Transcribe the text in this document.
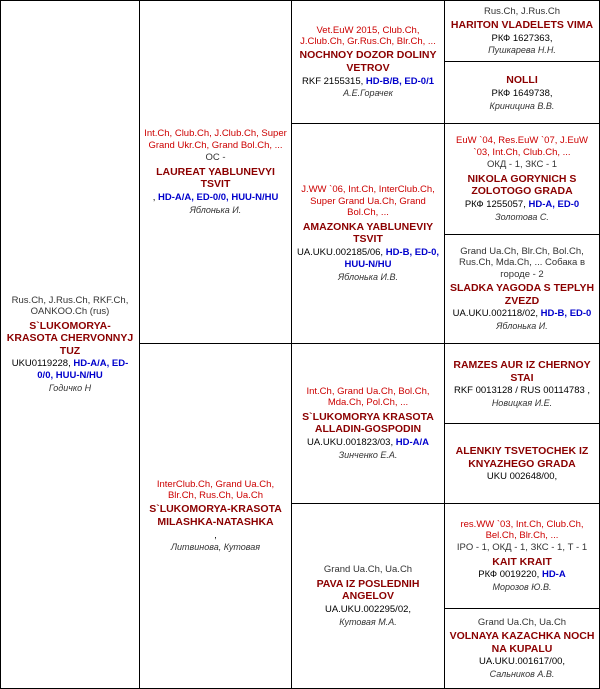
Rus.Ch, J.Rus.Ch, RKF.Ch, OANKOO.Ch (rus)
S`LUKOMORYA-KRASOTA CHERVONNYJ TUZ
UKU0119228, HD-A/A, ED-0/0, HUU-N/HU
Годичко Н
Int.Ch, Club.Ch, J.Club.Ch, Super Grand Ukr.Ch, Grand Bol.Ch, ...
ОС -
LAUREAT YABLUNEVYI TSVIT
, HD-A/A, ED-0/0, HUU-N/HU
Яблонька И.
InterClub.Ch, Grand Ua.Ch, Blr.Ch, Rus.Ch, Ua.Ch
S`LUKOMORYA-KRASOTA MILASHKA-NATASHKA
,
Литвинова, Кутовая
Vet.EuW 2015, Club.Ch, J.Club.Ch, Gr.Rus.Ch, Blr.Ch, ...
NOCHNOY DOZOR DOLINY VETROV
RKF 2155315, HD-B/B, ED-0/1
А.Е.Горачек
J.WW `06, Int.Ch, InterClub.Ch, Super Grand Ua.Ch, Grand Bol.Ch, ...
AMAZONKA YABLUNEVIY TSVIT
UA.UKU.002185/06, HD-B, ED-0, HUU-N/HU
Яблонька И.В.
Int.Ch, Grand Ua.Ch, Bol.Ch, Mda.Ch, Pol.Ch, ...
S`LUKOMORYA KRASOTA ALLADIN-GOSPODIN
UA.UKU.001823/03, HD-A/A
Зинченко Е.А.
Grand Ua.Ch, Ua.Ch
PAVA IZ POSLEDNIH ANGELOV
UA.UKU.002295/02,
Кутовая М.А.
Rus.Ch, J.Rus.Ch
HARITON VLADELETS VIMA
РКФ 1627363,
Пушкарева Н.Н.
NOLLI
РКФ 1649738,
Криницина В.В.
EuW `04, Res.EuW `07, J.EuW `03, Int.Ch, Club.Ch, ...
ОКД - 1, ЗКС - 1
NIKOLA GORYNICH S ZOLOTOGO GRADA
РКФ 1255057, HD-A, ED-0
Золотова С.
Grand Ua.Ch, Blr.Ch, Bol.Ch, Rus.Ch, Mda.Ch, ... Собака в городе - 2
SLADKA YAGODA S TEPLYH ZVEZD
UA.UKU.002118/02, HD-B, ED-0
Яблонька И.
RAMZES AUR IZ CHERNOY STAI
RKF 0013128 / RUS 00114783 ,
Новицкая И.Е.
ALENKIY TSVETOCHEK IZ KNYAZHEGO GRADA
UKU 002648/00,
res.WW `03, Int.Ch, Club.Ch, Bel.Ch, Blr.Ch, ...
IPO - 1, ОКД - 1, ЗКС - 1, Т - 1
KAIT KRAIT
РКФ 0019220, HD-A
Морозов Ю.В.
Grand Ua.Ch, Ua.Ch
VOLNAYA KAZACHKA NOCH NA KUPALU
UA.UKU.001617/00,
Сальников А.В.
